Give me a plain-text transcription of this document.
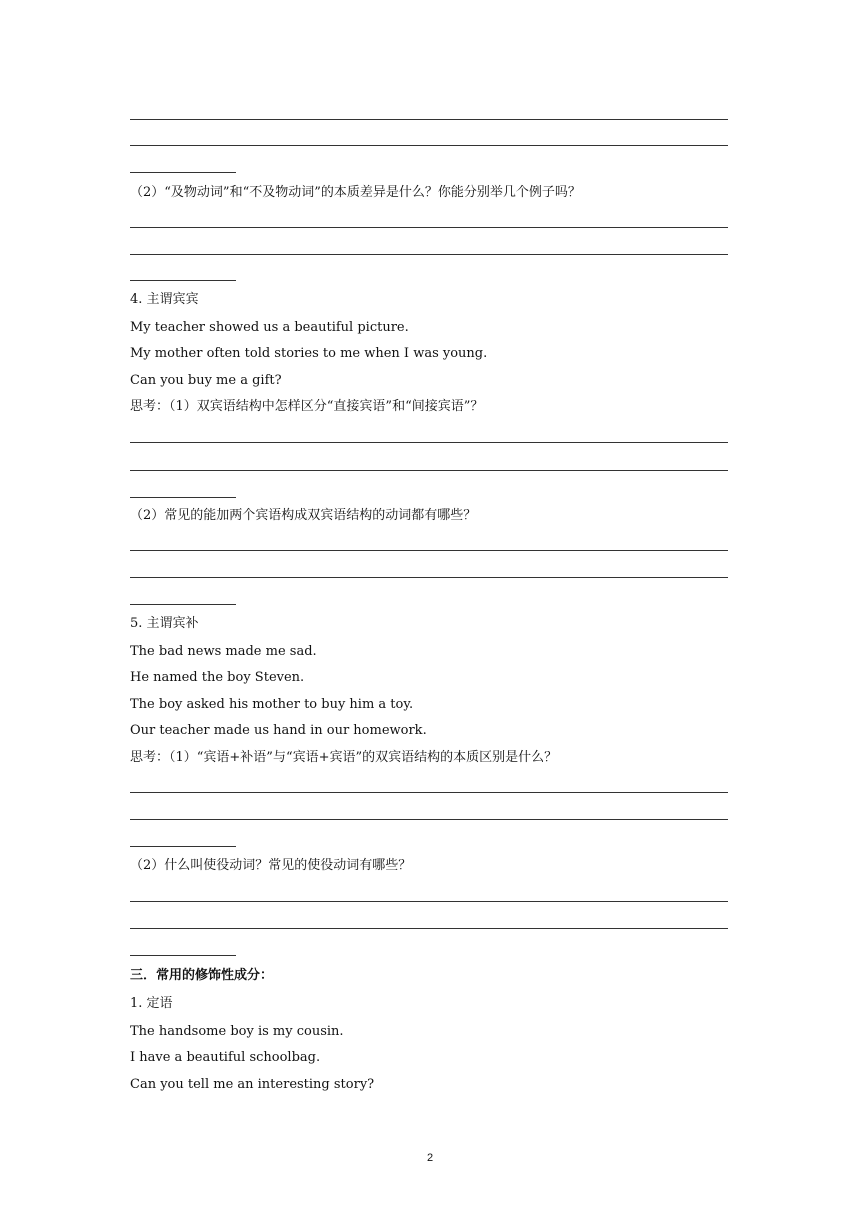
（2）“及物动词”和“不及物动词”的本质差异是什么？你能分别举几个例子吗？
4. 主谓宾宾
My teacher showed us a beautiful picture.
My mother often told stories to me when I was young.
Can you buy me a gift?
思考：（1）双宾语结构中怎样区分“直接宾语”和“间接宾语”？
（2）常见的能加两个宾语构成双宾语结构的动词都有哪些？
5. 主谓宾补
The bad news made me sad.
He named the boy Steven.
The boy asked his mother to buy him a toy.
Our teacher made us hand in our homework.
思考：（1）“宾语+补语”与“宾语+宾语”的双宾语结构的本质区别是什么？
（2）什么叫使役动词？常见的使役动词有哪些？
三．常用的修饰性成分：
1. 定语
The handsome boy is my cousin.
I have a beautiful schoolbag.
Can you tell me an interesting story?
2
